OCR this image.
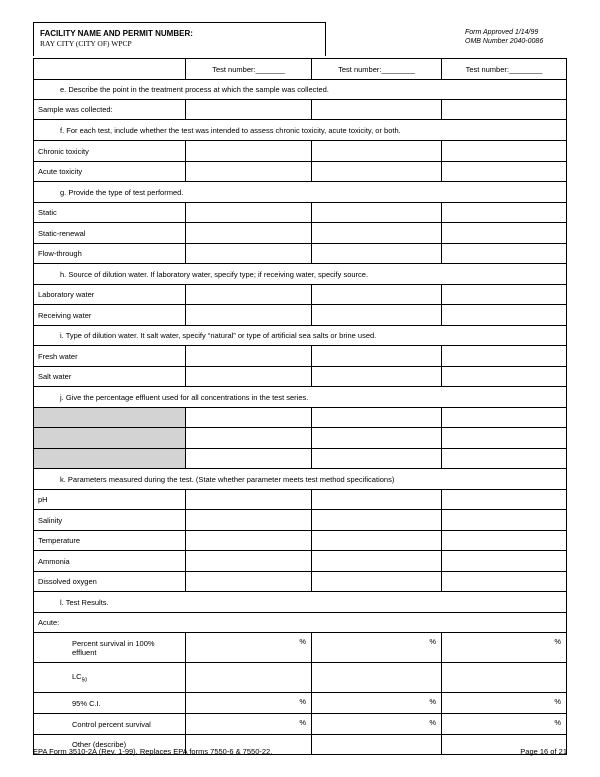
FACILITY NAME AND PERMIT NUMBER:
RAY CITY (CITY OF) WPCP
Form Approved 1/14/99
OMB Number 2040-0086
	Test number:_______	Test number:________	Test number:________
e. Describe the point in the treatment process at which the sample was collected.			
Sample was collected:			
f. For each test, include whether the test was intended to assess chronic toxicity, acute toxicity, or both.			
Chronic toxicity			
Acute toxicity			
g. Provide the type of test performed.			
Static			
Static-renewal			
Flow-through			
h. Source of dilution water. If laboratory water, specify type; if receiving water, specify source.			
Laboratory water			
Receiving water			
i. Type of dilution water. It salt water, specify “natural” or type of artificial sea salts or brine used.			
Fresh water			
Salt water			
j. Give the percentage effluent used for all concentrations in the test series.			

k. Parameters measured during the test. (State whether parameter meets test method specifications)			
pH			
Salinity			
Temperature			
Ammonia			
Dissolved oxygen			
l. Test Results.			
Acute:			
Percent survival in 100% effluent	%	%	%
$LC_{50}$			
95% C.I.	%	%	%
Control percent survival	%	%	%
Other (describe)			
EPA Form 3510-2A (Rev. 1-99). Replaces EPA forms 7550-6 & 7550-22.	Page 16 of 21
